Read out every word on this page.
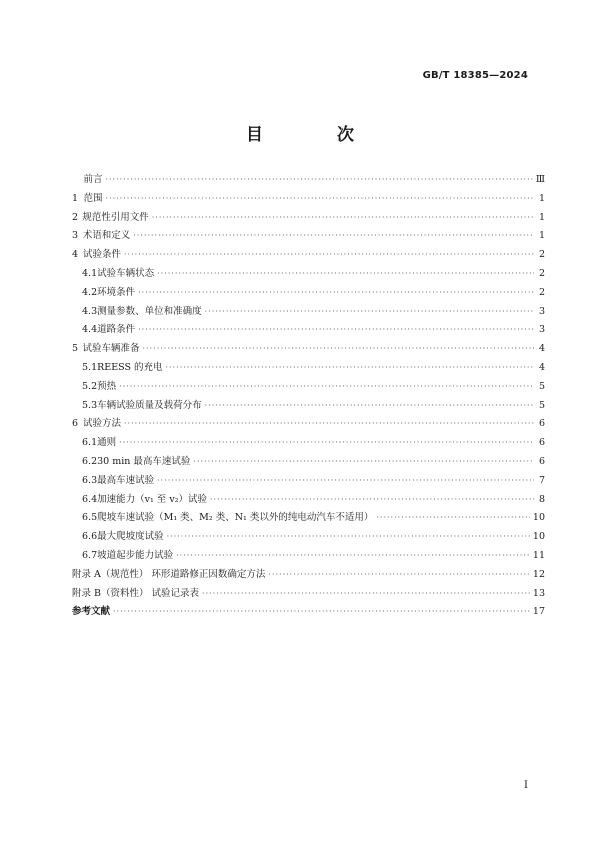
GB/T 18385—2024
目 次
前言 ·····	Ⅲ
1 范围 ·····	1
2 规范性引用文件 ·····	1
3 术语和定义 ·····	1
4 试验条件 ·····	2
4.1 试验车辆状态 ·····	2
4.2 环境条件 ·····	2
4.3 测量参数、单位和准确度 ·····	3
4.4 道路条件 ·····	3
5 试验车辆准备 ·····	4
5.1 REESS 的充电 ·····	4
5.2 预热 ·····	5
5.3 车辆试验质量及载荷分布 ·····	5
6 试验方法 ·····	6
6.1 通则 ·····	6
6.2 30 min 最高车速试验 ·····	6
6.3 最高车速试验 ·····	7
6.4 加速能力（v₁ 至 v₂）试验 ·····	8
6.5 爬坡车速试验（M₁ 类、M₂ 类、N₁ 类以外的纯电动汽车不适用） ·····	10
6.6 最大爬坡度试验 ·····	10
6.7 坡道起步能力试验 ·····	11
附录 A（规范性） 环形道路修正因数确定方法 ·····	12
附录 B（资料性） 试验记录表 ·····	13
参考文献 ·····	17
I
